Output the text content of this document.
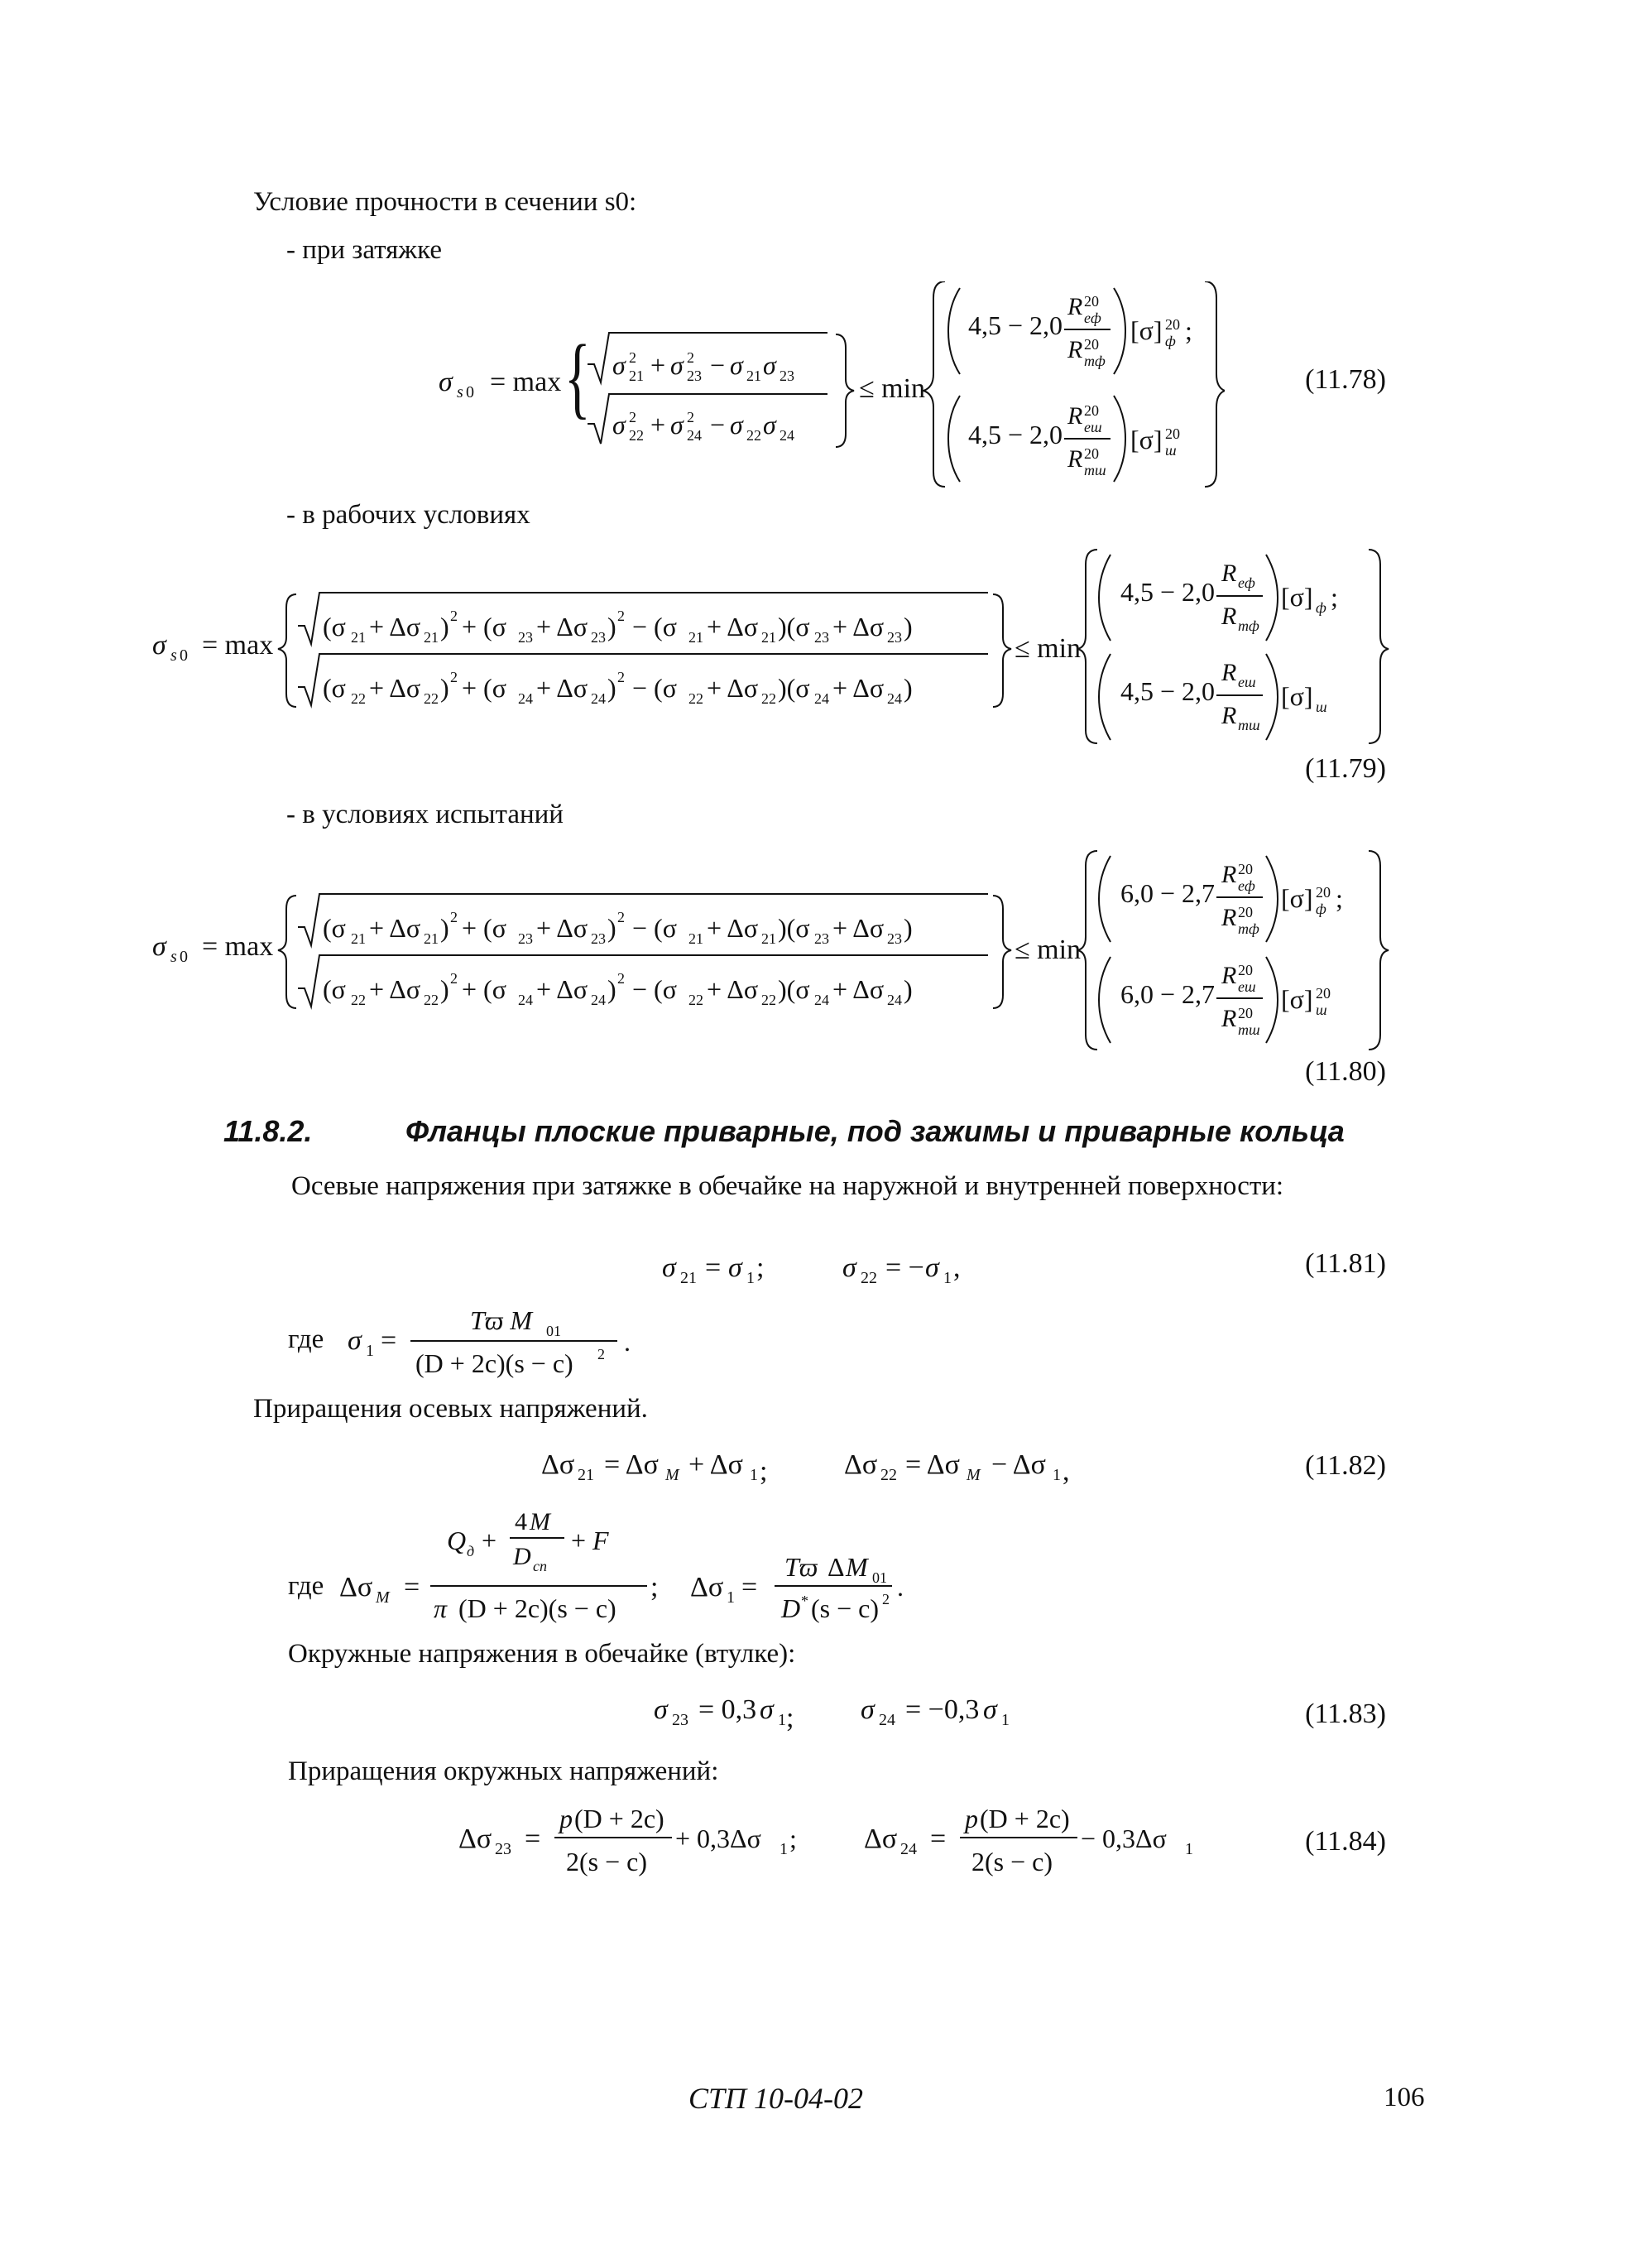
Условие прочности в сечении s0:
- при затяжке
σ s 0 = max { σ 21
2 + σ 23
2 − σ 21 σ 23
σ 22
2 + σ 24
2 − σ 22 σ 24
≤ min
4,5 − 2,0
R 20
eф
R 20
mф
[σ] 20
ф ;
4,5 − 2,0
R 20
eш
R 20
mш
[σ] 20
ш
(11.78)
- в рабочих условиях
σ s 0 = max
(σ 21 + Δσ 21 ) 2 + (σ 23 + Δσ 23 ) 2 − (σ 21 + Δσ 21 )(σ 23 + Δσ 23 )
(σ 22 + Δσ 22 ) 2 + (σ 24 + Δσ 24 ) 2 − (σ 22 + Δσ 22 )(σ 24 + Δσ 24 )
≤ min
4,5 − 2,0
R eф
R mф
[σ] ф ;
4,5 − 2,0
R eш
R mш
[σ] ш
(11.79)
- в условиях испытаний
σ s 0 = max
(σ 21 + Δσ 21 ) 2 + (σ 23 + Δσ 23 ) 2 − (σ 21 + Δσ 21 )(σ 23 + Δσ 23 )
(σ 22 + Δσ 22 ) 2 + (σ 24 + Δσ 24 ) 2 − (σ 22 + Δσ 22 )(σ 24 + Δσ 24 )
≤ min
6,0 − 2,7
R 20
eф
R 20
mф
[σ] 20
ф ;
6,0 − 2,7
R 20
eш
R 20
mш
[σ] 20
ш
(11.80)
11.8.2.	Фланцы плоские приварные, под зажимы и приварные кольца
Осевые напряжения при затяжке в обечайке на наружной и внутренней поверхности:
σ 21 = σ 1 ;	σ 22 = − σ 1 ,	(11.81)
где σ 1 =
Tϖ M 01
(D + 2c)(s − c) 2 .
Приращения осевых напряжений.
Δσ 21 = Δσ M + Δσ 1 ;	Δσ 22 = Δσ M − Δσ 1 ,	(11.82)
где Δσ M =
Q д +
4 M
D cn
+ F
π (D + 2c)(s − c)
; Δσ 1 =
Tϖ Δ M 01
D * (s − c) 2 .
Окружные напряжения в обечайке (втулке):
σ 23 = 0,3 σ 1 ; σ 24 = −0,3 σ 1	(11.83)
Приращения окружных напряжений:
Δσ 23 =
p (D + 2c)
2(s − c)
+ 0,3Δσ 1 ; Δσ 24 =
p (D + 2c)
2(s − c)
− 0,3Δσ 1	(11.84)
СТП 10-04-02	106
